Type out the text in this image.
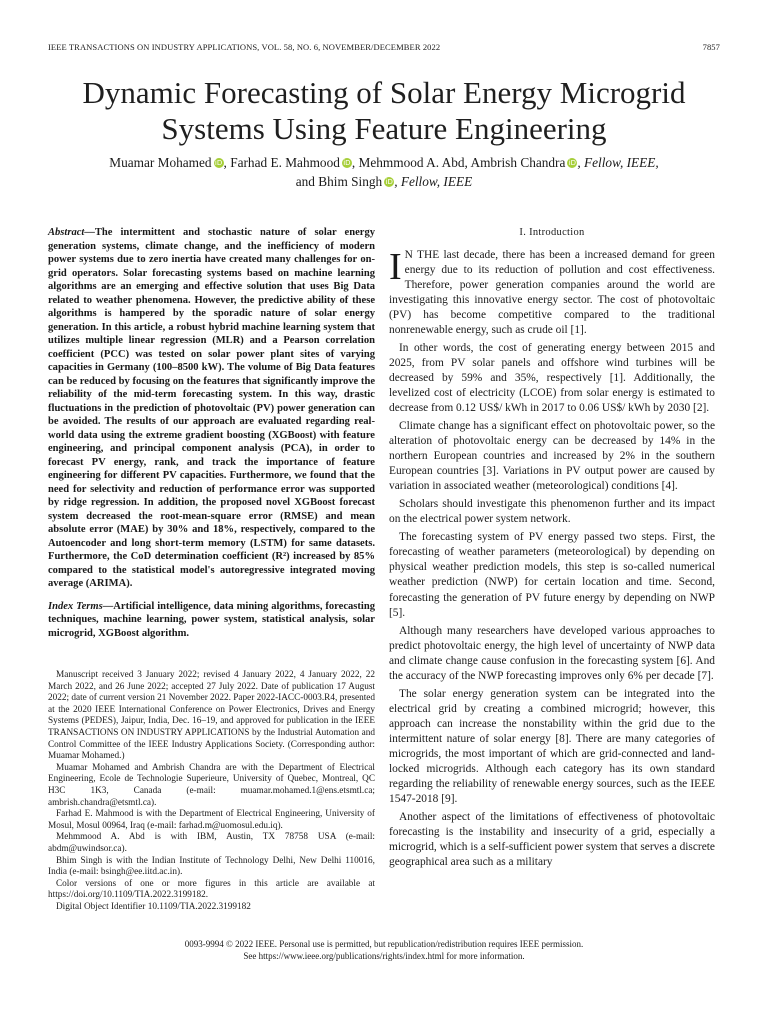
IEEE TRANSACTIONS ON INDUSTRY APPLICATIONS, VOL. 58, NO. 6, NOVEMBER/DECEMBER 2022	7857
Dynamic Forecasting of Solar Energy Microgrid
Systems Using Feature Engineering
Muamar Mohamed iD, Farhad E. Mahmood iD, Mehmmood A. Abd, Ambrish Chandra iD, Fellow, IEEE,
and Bhim Singh iD, Fellow, IEEE
Abstract—The intermittent and stochastic nature of solar energy generation systems, climate change, and the inefficiency of modern power systems due to zero inertia have created many challenges for on-grid operators. Solar forecasting systems based on machine learning algorithms are an emerging and effective solution that uses Big Data related to weather phenomena. However, the predictive ability of these algorithms is hampered by the sporadic nature of solar energy generation. In this article, a robust hybrid machine learning system that utilizes multiple linear regression (MLR) and a Pearson correlation coefficient (PCC) was tested on solar power plant sites of varying capacities in Germany (100–8500 kW). The volume of Big Data features can be reduced by focusing on the features that significantly improve the reliability of the mid-term forecasting system. In this way, drastic fluctuations in the prediction of photovoltaic (PV) power generation can be avoided. The results of our approach are evaluated regarding real-world data using the extreme gradient boosting (XGBoost) with feature engineering, and principal component analysis (PCA), in order to forecast PV energy, rank, and track the importance of feature engineering for different PV capacities. Furthermore, we found that the need for selectivity and reduction of performance error was supported by ridge regression. In addition, the proposed novel XGBoost forecast system decreased the root-mean-square error (RMSE) and mean absolute error (MAE) by 30% and 18%, respectively, compared to the Autoencoder and long short-term memory (LSTM) for same datasets. Furthermore, the CoD determination coefficient (R²) increased by 85% compared to the statistical model's autoregressive integrated moving average (ARIMA).
Index Terms—Artificial intelligence, data mining algorithms, forecasting techniques, machine learning, power system, statistical analysis, solar microgrid, XGBoost algorithm.

Manuscript received 3 January 2022; revised 4 January 2022, 4 January 2022, 22 March 2022, and 26 June 2022; accepted 27 July 2022. Date of publication 17 August 2022; date of current version 21 November 2022. Paper 2022-IACC-0003.R4, presented at the 2020 IEEE International Conference on Power Electronics, Drives and Energy Systems (PEDES), Jaipur, India, Dec. 16–19, and approved for publication in the IEEE TRANSACTIONS ON INDUSTRY APPLICATIONS by the Industrial Automation and Control Committee of the IEEE Industry Applications Society. (Corresponding author: Muamar Mohamed.)

Muamar Mohamed and Ambrish Chandra are with the Department of Electrical Engineering, Ecole de Technologie Superieure, University of Quebec, Montreal, QC H3C 1K3, Canada (e-mail: muamar.mohamed.1@ens.etsmtl.ca; ambrish.chandra@etsmtl.ca).

Farhad E. Mahmood is with the Department of Electrical Engineering, University of Mosul, Mosul 00964, Iraq (e-mail: farhad.m@uomosul.edu.iq).

Mehmmood A. Abd is with IBM, Austin, TX 78758 USA (e-mail: abdm@uwindsor.ca).

Bhim Singh is with the Indian Institute of Technology Delhi, New Delhi 110016, India (e-mail: bsingh@ee.iitd.ac.in).

Color versions of one or more figures in this article are available at https://doi.org/10.1109/TIA.2022.3199182.

Digital Object Identifier 10.1109/TIA.2022.3199182

I. Introduction

I N THE last decade, there has been a increased demand for green energy due to its reduction of pollution and cost effectiveness. Therefore, power generation companies around the world are investigating this innovative energy sector. The cost of photovoltaic (PV) has become competitive compared to the traditional nonrenewable energy, such as crude oil [1].

In other words, the cost of generating energy between 2015 and 2025, from PV solar panels and offshore wind turbines will be decreased by 59% and 35%, respectively [1]. Additionally, the levelized cost of electricity (LCOE) from solar energy is estimated to decrease from 0.12 US$/ kWh in 2017 to 0.06 US$/ kWh by 2030 [2].

Climate change has a significant effect on photovoltaic power, so the alteration of photovoltaic energy can be decreased by 14% in the northern European countries and increased by 2% in the southern European countries [3]. Variations in PV output power are caused by variation in associated weather (meteorological) conditions [4].

Scholars should investigate this phenomenon further and its impact on the electrical power system network.

The forecasting system of PV energy passed two steps. First, the forecasting of weather parameters (meteorological) by depending on physical weather prediction models, this step is so-called numerical weather prediction (NWP) for certain location and time. Second, forecasting the generation of PV future energy by depending on NWP [5].

Although many researchers have developed various approaches to predict photovoltaic energy, the high level of uncertainty of NWP data and climate change cause confusion in the forecasting system [6]. And the accuracy of the NWP forecasting improves only 6% per decade [7].

The solar energy generation system can be integrated into the electrical grid by creating a combined microgrid; however, this approach can increase the nonstability within the grid due to the intermittent nature of solar energy [8]. There are many categories of microgrids, the most important of which are grid-connected and land-locked microgrids. Although each category has its own standard regarding the reliability of renewable energy sources, such as the IEEE 1547-2018 [9].

Another aspect of the limitations of effectiveness of photovoltaic forecasting is the instability and insecurity of a grid, especially a microgrid, which is a self-sufficient power system that serves a discrete geographical area such as a military

0093-9994 © 2022 IEEE. Personal use is permitted, but republication/redistribution requires IEEE permission.
See https://www.ieee.org/publications/rights/index.html for more information.
